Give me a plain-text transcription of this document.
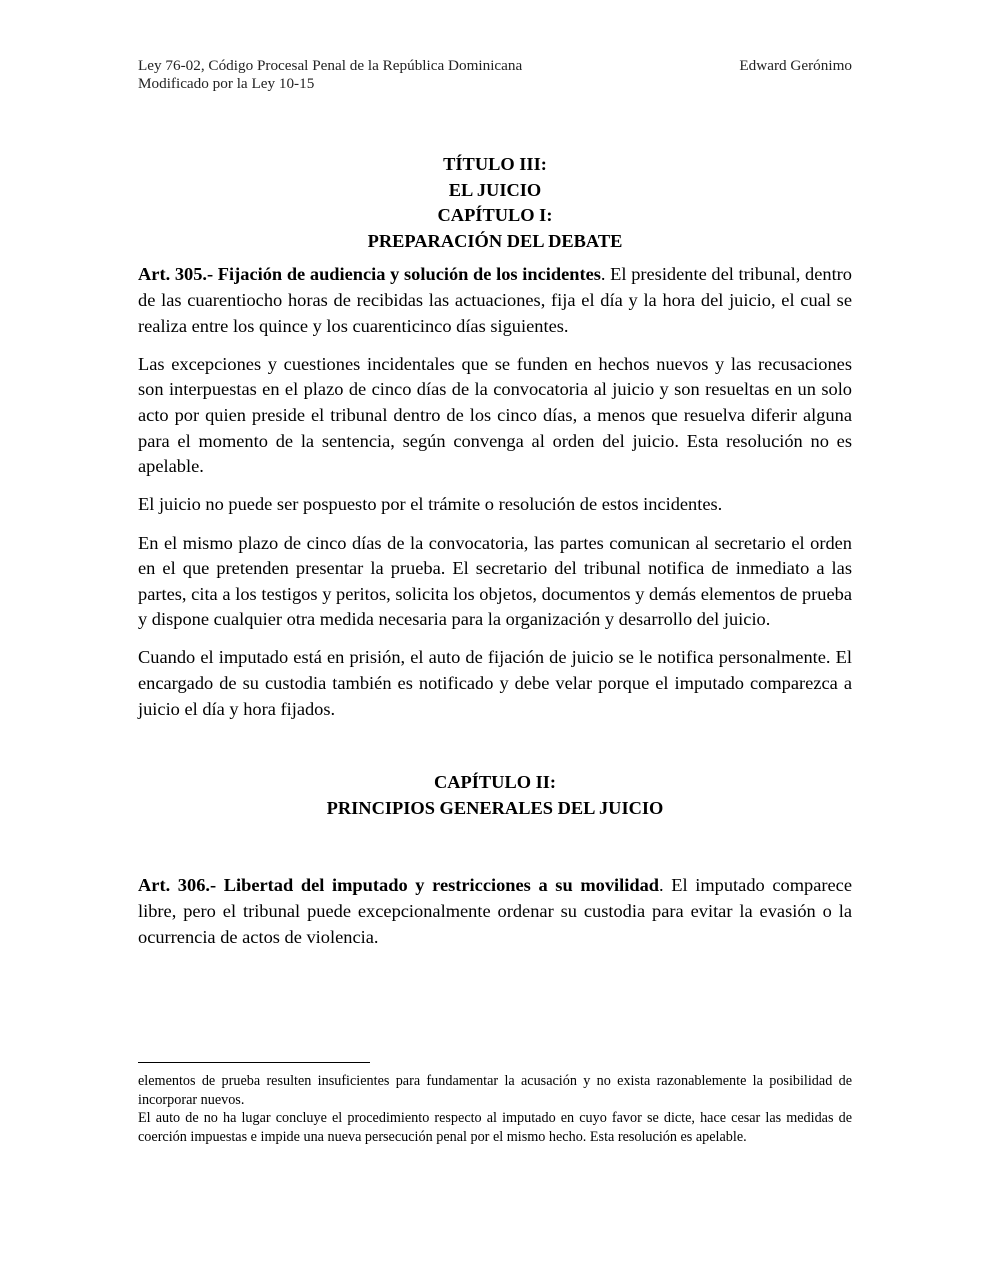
Ley 76-02, Código Procesal Penal de la República Dominicana	Edward Gerónimo
Modificado por la Ley 10-15
TÍTULO III:
EL JUICIO
CAPÍTULO I:
PREPARACIÓN DEL DEBATE

Art. 305.- Fijación de audiencia y solución de los incidentes. El presidente del tribunal, dentro de las cuarentiocho horas de recibidas las actuaciones, fija el día y la hora del juicio, el cual se realiza entre los quince y los cuarenticinco días siguientes.

Las excepciones y cuestiones incidentales que se funden en hechos nuevos y las recusaciones son interpuestas en el plazo de cinco días de la convocatoria al juicio y son resueltas en un solo acto por quien preside el tribunal dentro de los cinco días, a menos que resuelva diferir alguna para el momento de la sentencia, según convenga al orden del juicio. Esta resolución no es apelable.

El juicio no puede ser pospuesto por el trámite o resolución de estos incidentes.

En el mismo plazo de cinco días de la convocatoria, las partes comunican al secretario el orden en el que pretenden presentar la prueba. El secretario del tribunal notifica de inmediato a las partes, cita a los testigos y peritos, solicita los objetos, documentos y demás elementos de prueba y dispone cualquier otra medida necesaria para la organización y desarrollo del juicio.

Cuando el imputado está en prisión, el auto de fijación de juicio se le notifica personalmente. El encargado de su custodia también es notificado y debe velar porque el imputado comparezca a juicio el día y hora fijados.

CAPÍTULO II:
PRINCIPIOS GENERALES DEL JUICIO

Art. 306.- Libertad del imputado y restricciones a su movilidad. El imputado comparece libre, pero el tribunal puede excepcionalmente ordenar su custodia para evitar la evasión o la ocurrencia de actos de violencia.

elementos de prueba resulten insuficientes para fundamentar la acusación y no exista razonablemente la posibilidad de incorporar nuevos.
El auto de no ha lugar concluye el procedimiento respecto al imputado en cuyo favor se dicte, hace cesar las medidas de coerción impuestas e impide una nueva persecución penal por el mismo hecho. Esta resolución es apelable.
